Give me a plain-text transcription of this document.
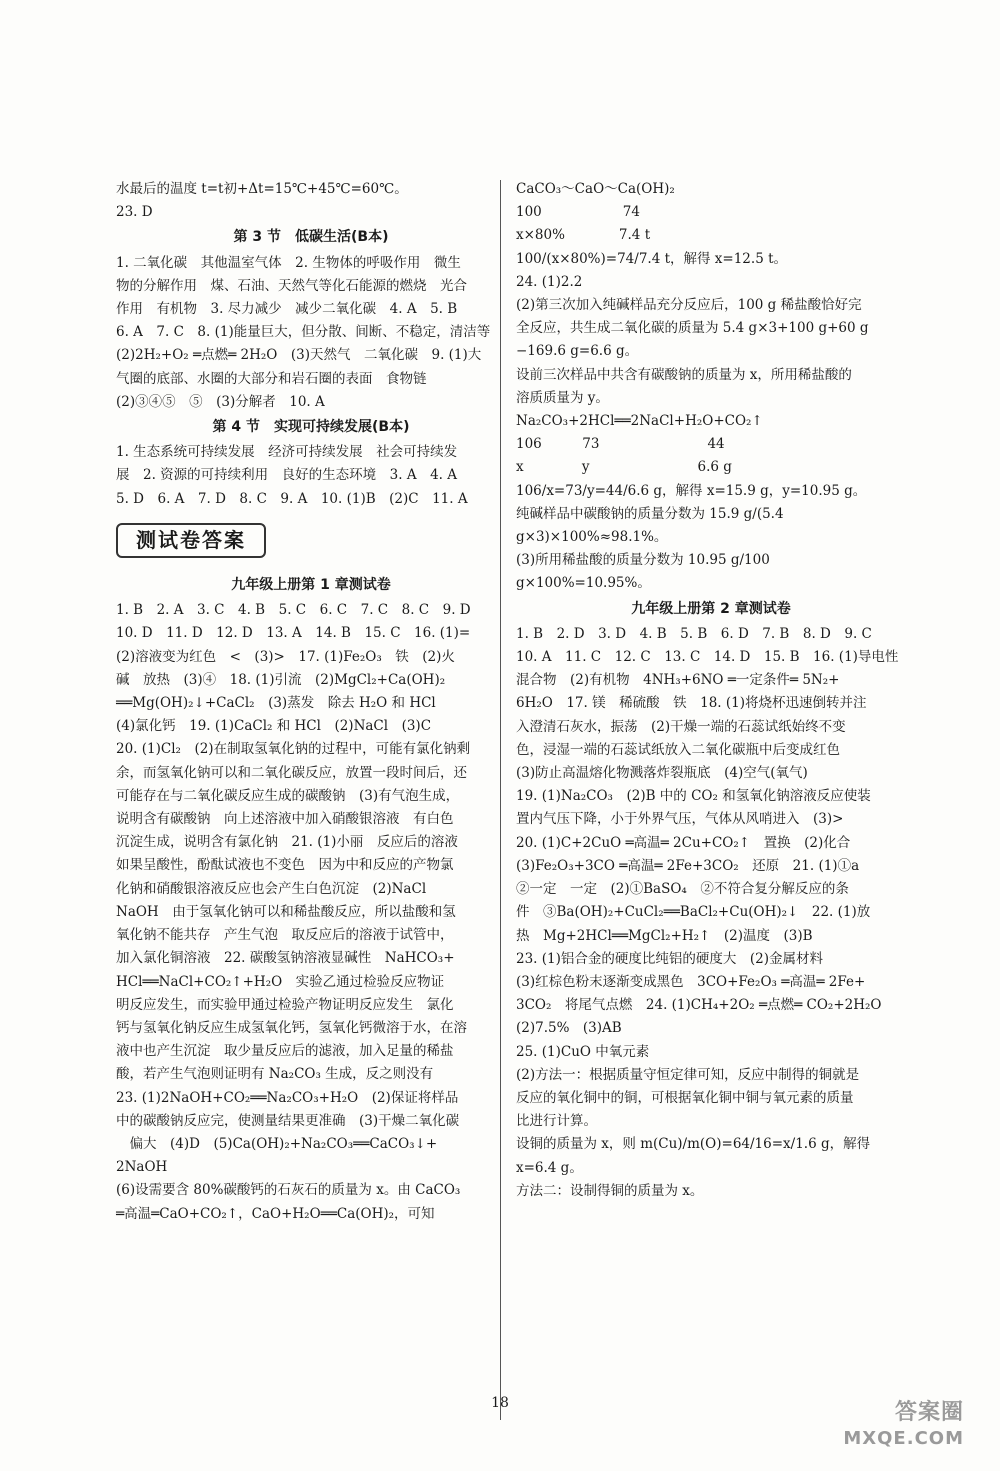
水最后的温度 t=t初+Δt=15℃+45℃=60℃。

23. D

第 3 节　低碳生活(B本)

1. 二氧化碳　其他温室气体　2. 生物体的呼吸作用　微生

物的分解作用　煤、石油、天然气等化石能源的燃烧　光合

作用　有机物　3. 尽力减少　减少二氧化碳　4. A　5. B

6. A　7. C　8. (1)能量巨大，但分散、间断、不稳定，清洁等

(2)2H₂+O₂ ═点燃═ 2H₂O　(3)天然气　二氧化碳　9. (1)大

气圈的底部、水圈的大部分和岩石圈的表面　食物链

(2)③④⑤　⑤　(3)分解者　10. A

第 4 节　实现可持续发展(B本)

1. 生态系统可持续发展　经济可持续发展　社会可持续发

展　2. 资源的可持续利用　良好的生态环境　3. A　4. A

5. D　6. A　7. D　8. C　9. A　10. (1)B　(2)C　11. A

测试卷答案

九年级上册第 1 章测试卷

1. B　2. A　3. C　4. B　5. C　6. C　7. C　8. C　9. D

10. D　11. D　12. D　13. A　14. B　15. C　16. (1)=

(2)溶液变为红色　<　(3)>　17. (1)Fe₂O₃　铁　(2)火

碱　放热　(3)④　18. (1)引流　(2)MgCl₂+Ca(OH)₂

══Mg(OH)₂↓+CaCl₂　(3)蒸发　除去 H₂O 和 HCl

(4)氯化钙　19. (1)CaCl₂ 和 HCl　(2)NaCl　(3)C

20. (1)Cl₂　(2)在制取氢氧化钠的过程中，可能有氯化钠剩

余，而氢氧化钠可以和二氧化碳反应，放置一段时间后，还

可能存在与二氧化碳反应生成的碳酸钠　(3)有气泡生成，

说明含有碳酸钠　向上述溶液中加入硝酸银溶液　有白色

沉淀生成，说明含有氯化钠　21. (1)小丽　反应后的溶液

如果呈酸性，酚酞试液也不变色　因为中和反应的产物氯

化钠和硝酸银溶液反应也会产生白色沉淀　(2)NaCl

NaOH　由于氢氧化钠可以和稀盐酸反应，所以盐酸和氢

氧化钠不能共存　产生气泡　取反应后的溶液于试管中，

加入氯化铜溶液　22. 碳酸氢钠溶液显碱性　NaHCO₃+

HCl══NaCl+CO₂↑+H₂O　实验乙通过检验反应物证

明反应发生，而实验甲通过检验产物证明反应发生　氯化

钙与氢氧化钠反应生成氢氧化钙，氢氧化钙微溶于水，在溶

液中也产生沉淀　取少量反应后的滤液，加入足量的稀盐

酸，若产生气泡则证明有 Na₂CO₃ 生成，反之则没有

23. (1)2NaOH+CO₂══Na₂CO₃+H₂O　(2)保证将样品

中的碳酸钠反应完，使测量结果更准确　(3)干燥二氧化碳

　偏大　(4)D　(5)Ca(OH)₂+Na₂CO₃══CaCO₃↓+

2NaOH

(6)设需要含 80%碳酸钙的石灰石的质量为 x。由 CaCO₃

═高温═CaO+CO₂↑，CaO+H₂O══Ca(OH)₂，可知

CaCO₃～CaO～Ca(OH)₂

100　　　　　　74

x×80%　　　　7.4 t

100/(x×80%)=74/7.4 t，解得 x=12.5 t。

24. (1)2.2

(2)第三次加入纯碱样品充分反应后，100 g 稀盐酸恰好完

全反应，共生成二氧化碳的质量为 5.4 g×3+100 g+60 g

−169.6 g=6.6 g。

设前三次样品中共含有碳酸钠的质量为 x，所用稀盐酸的

溶质质量为 y。

Na₂CO₃+2HCl══2NaCl+H₂O+CO₂↑

106　　　73　　　　　　　　44

x　　　　 y　　　　　　　　6.6 g

106/x=73/y=44/6.6 g，解得 x=15.9 g，y=10.95 g。

纯碱样品中碳酸钠的质量分数为 15.9 g/(5.4 g×3)×100%≈98.1%。

(3)所用稀盐酸的质量分数为 10.95 g/100 g×100%=10.95%。

九年级上册第 2 章测试卷

1. B　2. D　3. D　4. B　5. B　6. D　7. B　8. D　9. C

10. A　11. C　12. C　13. C　14. D　15. B　16. (1)导电性

混合物　(2)有机物　4NH₃+6NO ═一定条件═ 5N₂+

6H₂O　17. 镁　稀硫酸　铁　18. (1)将烧杯迅速倒转并注

入澄清石灰水，振荡　(2)干燥一端的石蕊试纸始终不变

色，浸湿一端的石蕊试纸放入二氧化碳瓶中后变成红色

(3)防止高温熔化物溅落炸裂瓶底　(4)空气(氧气)

19. (1)Na₂CO₃　(2)B 中的 CO₂ 和氢氧化钠溶液反应使装

置内气压下降，小于外界气压，气体从风哨进入　(3)>

20. (1)C+2CuO ═高温═ 2Cu+CO₂↑　置换　(2)化合

(3)Fe₂O₃+3CO ═高温═ 2Fe+3CO₂　还原　21. (1)①a

②一定　一定　(2)①BaSO₄　②不符合复分解反应的条

件　③Ba(OH)₂+CuCl₂══BaCl₂+Cu(OH)₂↓　22. (1)放

热　Mg+2HCl══MgCl₂+H₂↑　(2)温度　(3)B

23. (1)铝合金的硬度比纯铝的硬度大　(2)金属材料

(3)红棕色粉末逐渐变成黑色　3CO+Fe₂O₃ ═高温═ 2Fe+

3CO₂　将尾气点燃　24. (1)CH₄+2O₂ ═点燃═ CO₂+2H₂O

(2)7.5%　(3)AB

25. (1)CuO 中氧元素

(2)方法一：根据质量守恒定律可知，反应中制得的铜就是

反应的氧化铜中的铜，可根据氧化铜中铜与氧元素的质量

比进行计算。

设铜的质量为 x，则 m(Cu)/m(O)=64/16=x/1.6 g，解得 x=6.4 g。

方法二：设制得铜的质量为 x。

18	答案圈
MXQE.COM
